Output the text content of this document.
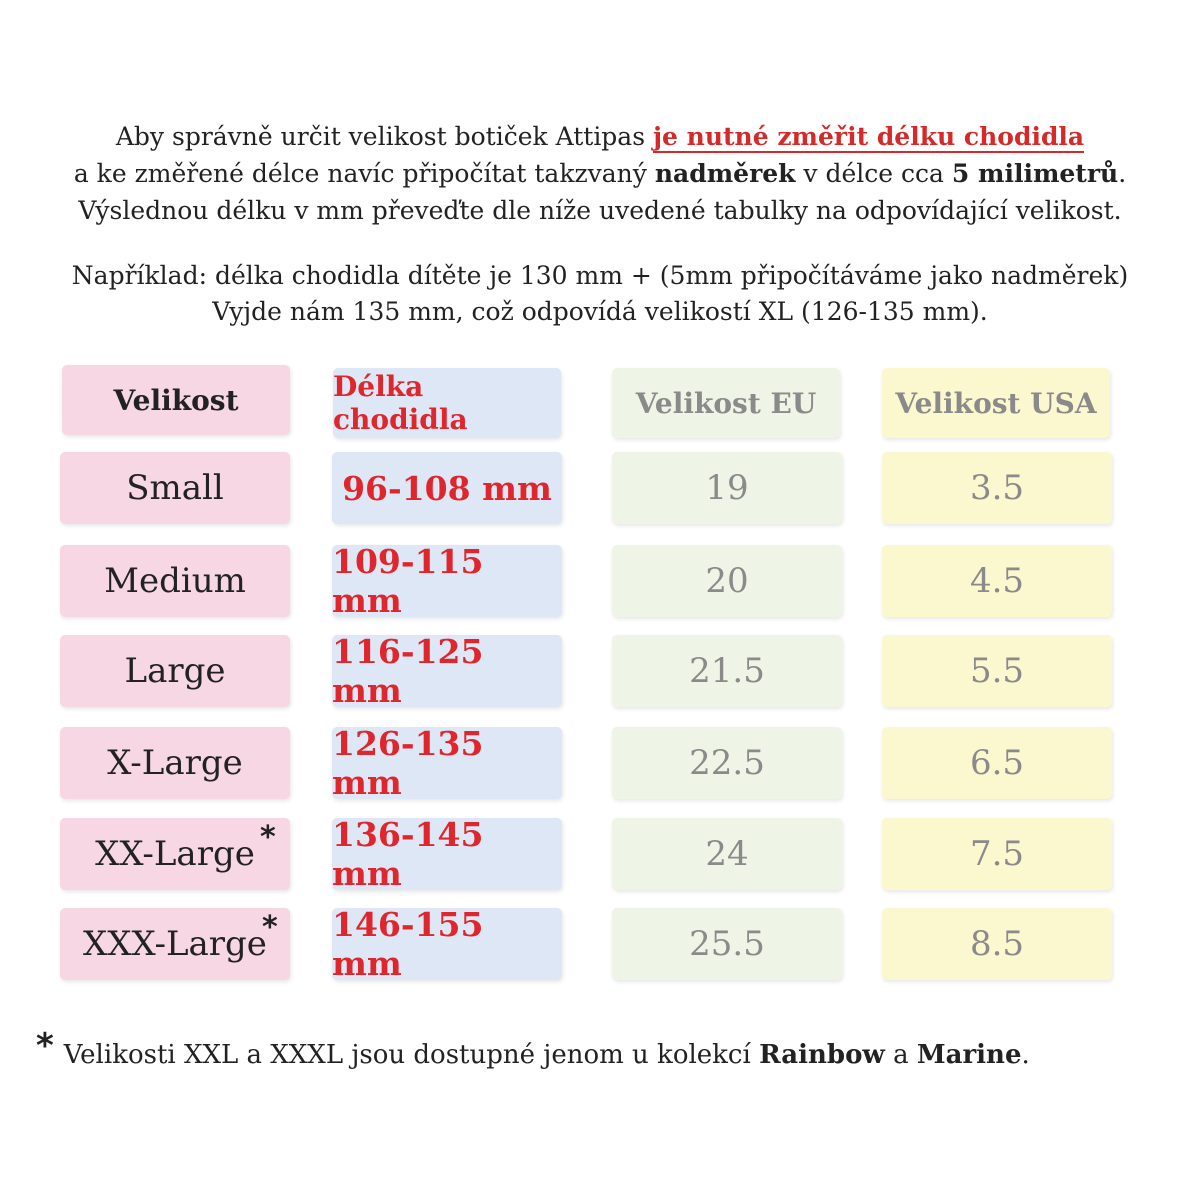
Aby správně určit velikost botiček Attipas je nutné změřit délku chodidla
a ke změřené délce navíc připočítat takzvaný nadměrek v délce cca 5 milimetrů.
Výslednou délku v mm převeďte dle níže uvedené tabulky na odpovídající velikost.
Například: délka chodidla dítěte je 130 mm + (5mm připočítáváme jako nadměrek)
Vyjde nám 135 mm, což odpovídá velikostí XL (126-135 mm).
Velikost	Délka chodidla	Velikost EU	Velikost USA
Small	96-108 mm	19	3.5
Medium	109-115 mm	20	4.5
Large	116-125 mm	21.5	5.5
X-Large	126-135 mm	22.5	6.5
XX-Large	136-145 mm	24	7.5
*
XXX-Large	146-155 mm	25.5	8.5
*
* Velikosti XXL a XXXL jsou dostupné jenom u kolekcí Rainbow a Marine.
